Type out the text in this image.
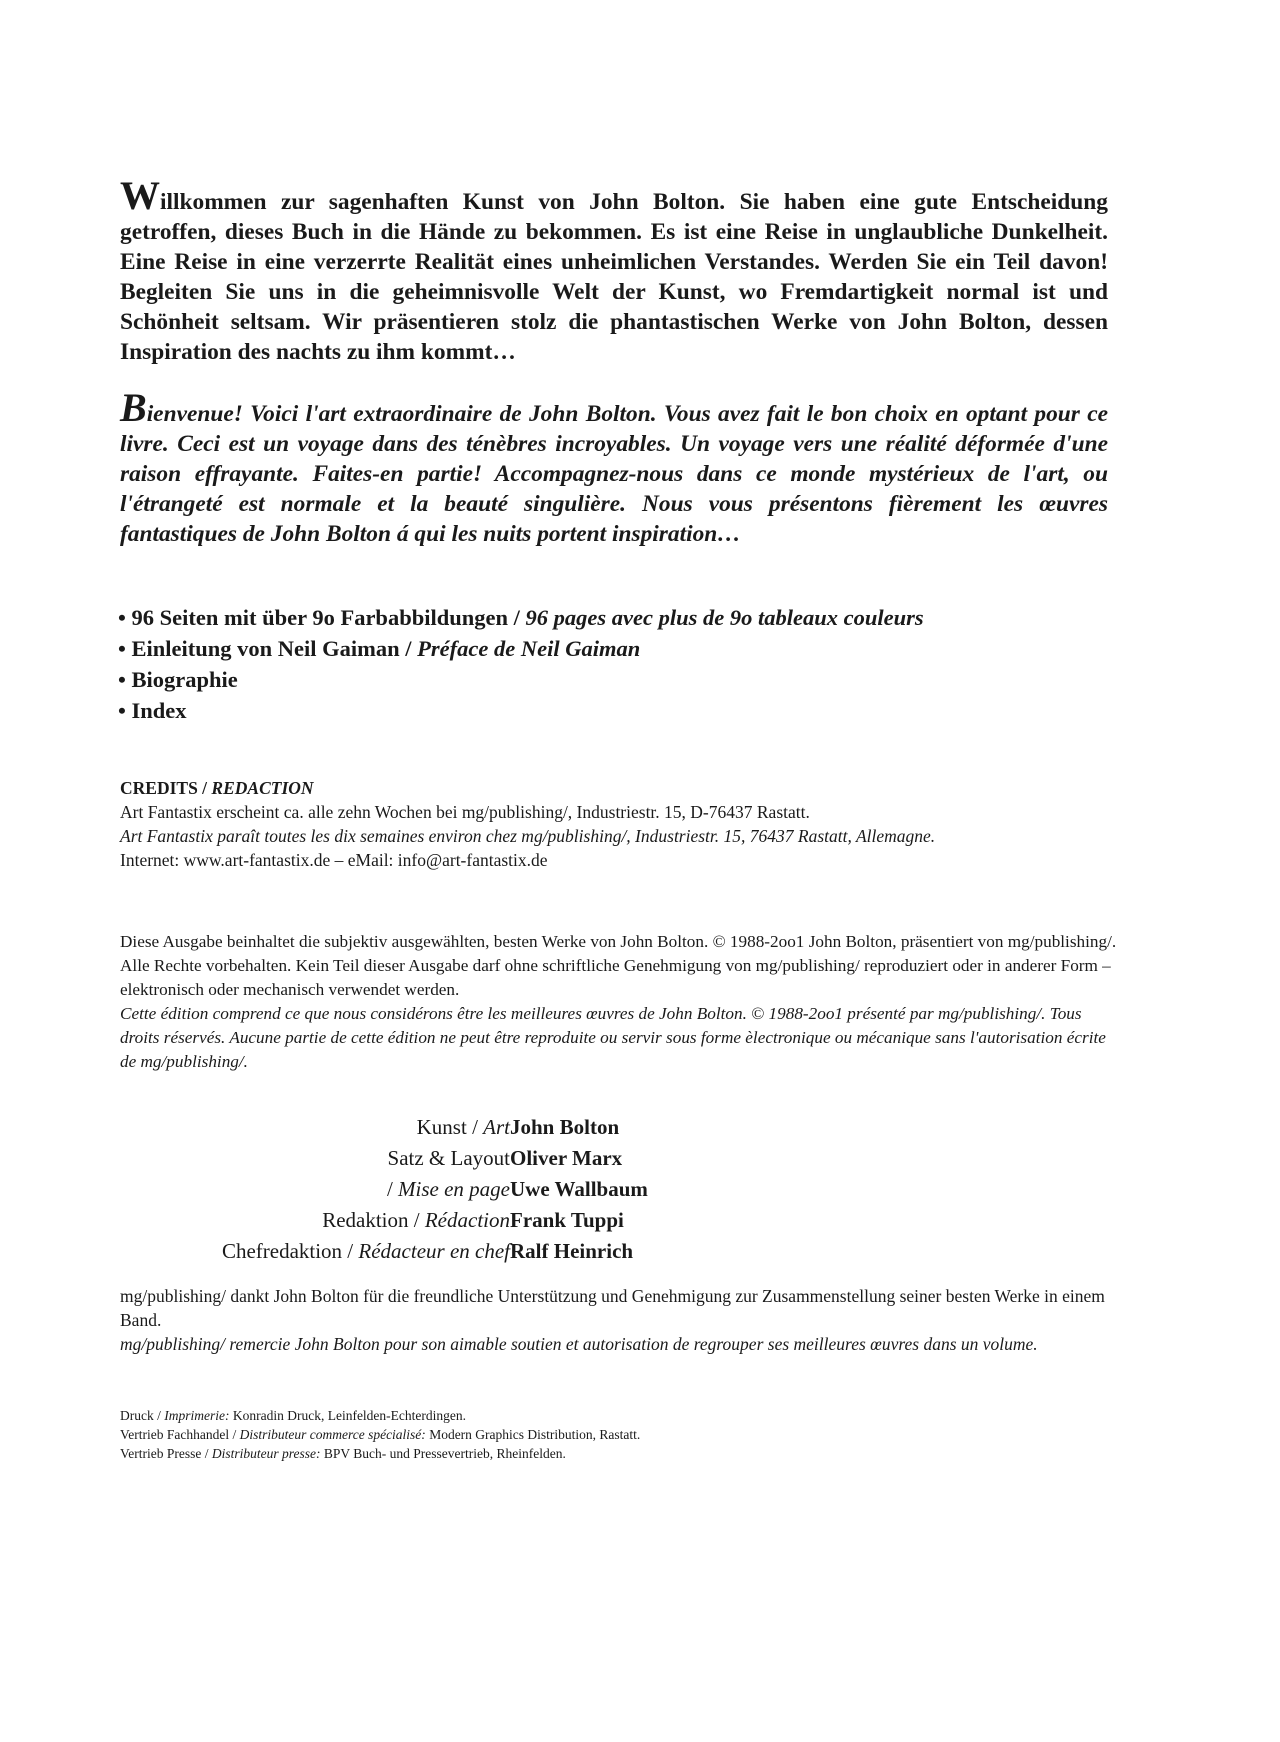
Willkommen zur sagenhaften Kunst von John Bolton. Sie haben eine gute Entscheidung getroffen, dieses Buch in die Hände zu bekommen. Es ist eine Reise in unglaubliche Dunkelheit. Eine Reise in eine verzerrte Realität eines unheimlichen Verstandes. Werden Sie ein Teil davon! Begleiten Sie uns in die geheimnisvolle Welt der Kunst, wo Fremdartigkeit normal ist und Schönheit seltsam. Wir präsentieren stolz die phantastischen Werke von John Bolton, dessen Inspiration des nachts zu ihm kommt…

Bienvenue! Voici l'art extraordinaire de John Bolton. Vous avez fait le bon choix en optant pour ce livre. Ceci est un voyage dans des ténèbres incroyables. Un voyage vers une réalité déformée d'une raison effrayante. Faites-en partie! Accompagnez-nous dans ce monde mystérieux de l'art, ou l'étrangeté est normale et la beauté singulière. Nous vous présentons fièrement les œuvres fantastiques de John Bolton á qui les nuits portent inspiration…

• 96 Seiten mit über 9o Farbabbildungen / 96 pages avec plus de 9o tableaux couleurs
• Einleitung von Neil Gaiman / Préface de Neil Gaiman
• Biographie
• Index

CREDITS / REDACTION

Art Fantastix erscheint ca. alle zehn Wochen bei mg/publishing/, Industriestr. 15, D-76437 Rastatt.

Art Fantastix paraît toutes les dix semaines environ chez mg/publishing/, Industriestr. 15, 76437 Rastatt, Allemagne.

Internet: www.art-fantastix.de – eMail: info@art-fantastix.de

Diese Ausgabe beinhaltet die subjektiv ausgewählten, besten Werke von John Bolton. © 1988-2oo1 John Bolton, präsentiert von mg/publishing/. Alle Rechte vorbehalten. Kein Teil dieser Ausgabe darf ohne schriftliche Genehmigung von mg/publishing/ reproduziert oder in anderer Form – elektronisch oder mechanisch verwendet werden.

Cette édition comprend ce que nous considérons être les meilleures œuvres de John Bolton. © 1988-2oo1 présenté par mg/publishing/. Tous droits réservés. Aucune partie de cette édition ne peut être reproduite ou servir sous forme èlectronique ou mécanique sans l'autorisation écrite de mg/publishing/.

Kunst / Art

Satz & Layout

/ Mise en page

Redaktion / Rédaction

Chefredaktion / Rédacteur en chef

John Bolton

Oliver Marx

Uwe Wallbaum

Frank Tuppi

Ralf Heinrich

mg/publishing/ dankt John Bolton für die freundliche Unterstützung und Genehmigung zur Zusammenstellung seiner besten Werke in einem Band.

mg/publishing/ remercie John Bolton pour son aimable soutien et autorisation de regrouper ses meilleures œuvres dans un volume.

Druck / Imprimerie: Konradin Druck, Leinfelden-Echterdingen.

Vertrieb Fachhandel / Distributeur commerce spécialisé: Modern Graphics Distribution, Rastatt.

Vertrieb Presse / Distributeur presse: BPV Buch- und Pressevertrieb, Rheinfelden.
